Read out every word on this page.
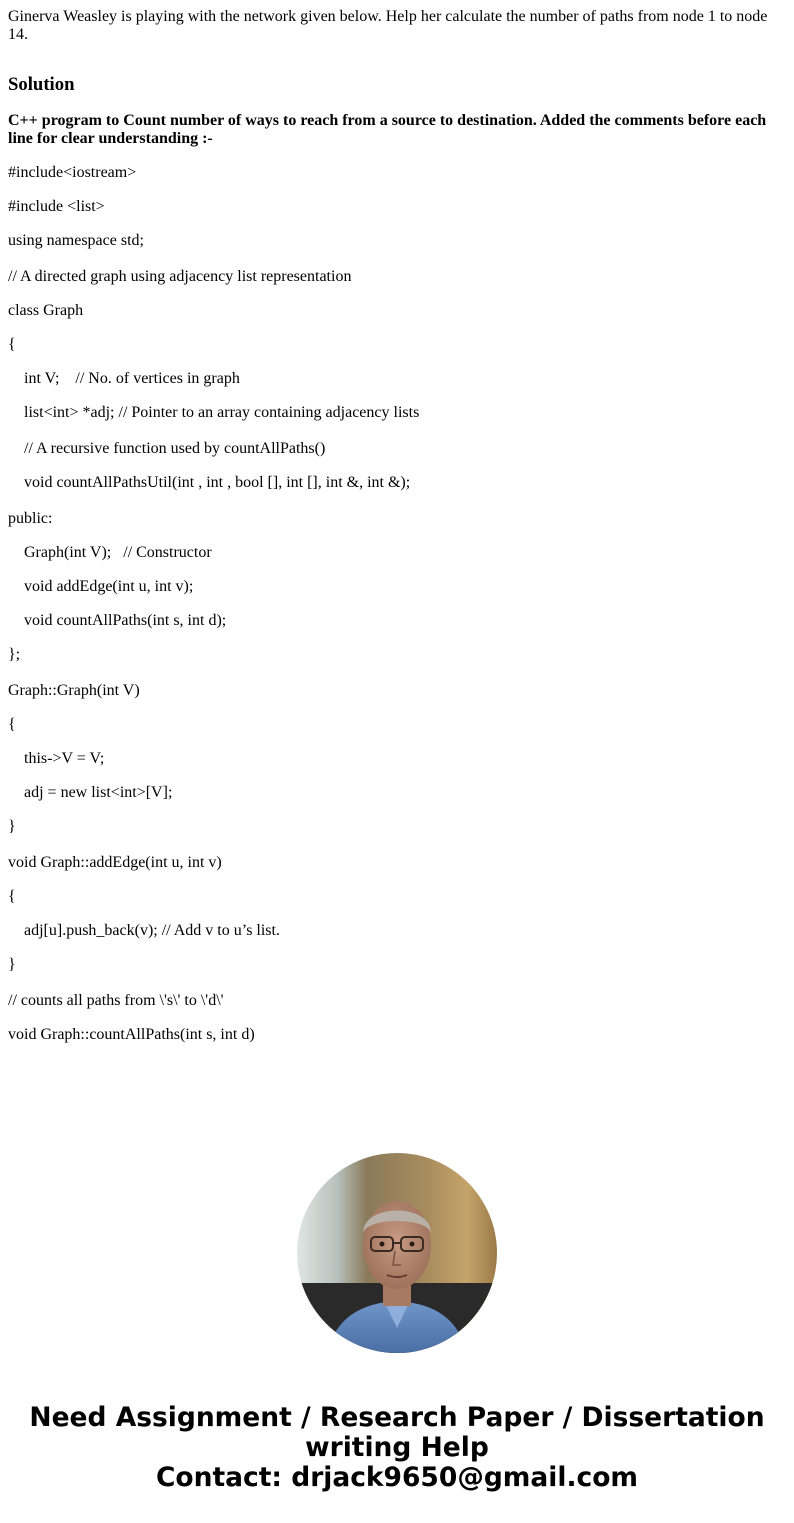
Ginerva Weasley is playing with the network given below. Help her calculate the number of paths from node 1 to node 14.

Solution
C++ program to Count number of ways to reach from a source to destination. Added the comments before each line for clear understanding :-
#include<iostream>
#include <list>
using namespace std;
// A directed graph using adjacency list representation
class Graph
{
int V;    // No. of vertices in graph
list<int> *adj; // Pointer to an array containing adjacency lists
// A recursive function used by countAllPaths()
void countAllPathsUtil(int , int , bool [], int [], int &, int &);
public:
Graph(int V);   // Constructor
void addEdge(int u, int v);
void countAllPaths(int s, int d);
};
Graph::Graph(int V)
{
this->V = V;
adj = new list<int>[V];
}
void Graph::addEdge(int u, int v)
{
adj[u].push_back(v); // Add v to u’s list.
}
// counts all paths from \'s\' to \'d\'
void Graph::countAllPaths(int s, int d)
Need Assignment / Research Paper / Dissertation
writing Help
Contact: drjack9650@gmail.com
